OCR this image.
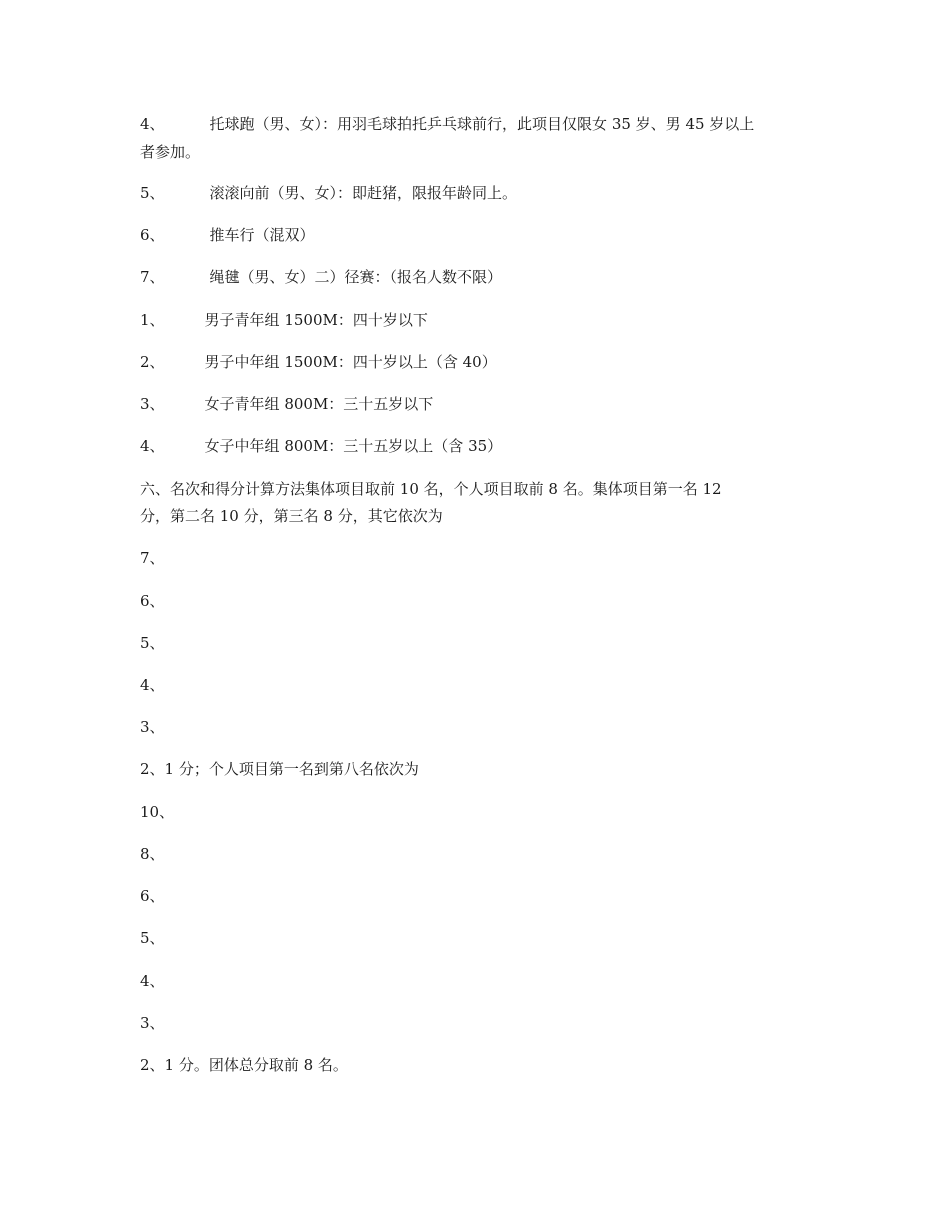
4、	托球跑（男、女）：用羽毛球拍托乒乓球前行，此项目仅限女 35 岁、男 45 岁以上
者参加。
5、	滚滚向前（男、女）：即赶猪，限报年龄同上。
6、	推车行（混双）
7、	绳毽（男、女）二）径赛：（报名人数不限）
1、	男子青年组 1500M：四十岁以下
2、	男子中年组 1500M：四十岁以上（含 40）
3、	女子青年组 800M：三十五岁以下
4、	女子中年组 800M：三十五岁以上（含 35）
六、名次和得分计算方法集体项目取前 10 名，个人项目取前 8 名。集体项目第一名 12
分，第二名 10 分，第三名 8 分，其它依次为
7、
6、
5、
4、
3、
2、1 分；个人项目第一名到第八名依次为
10、
8、
6、
5、
4、
3、
2、1 分。团体总分取前 8 名。
